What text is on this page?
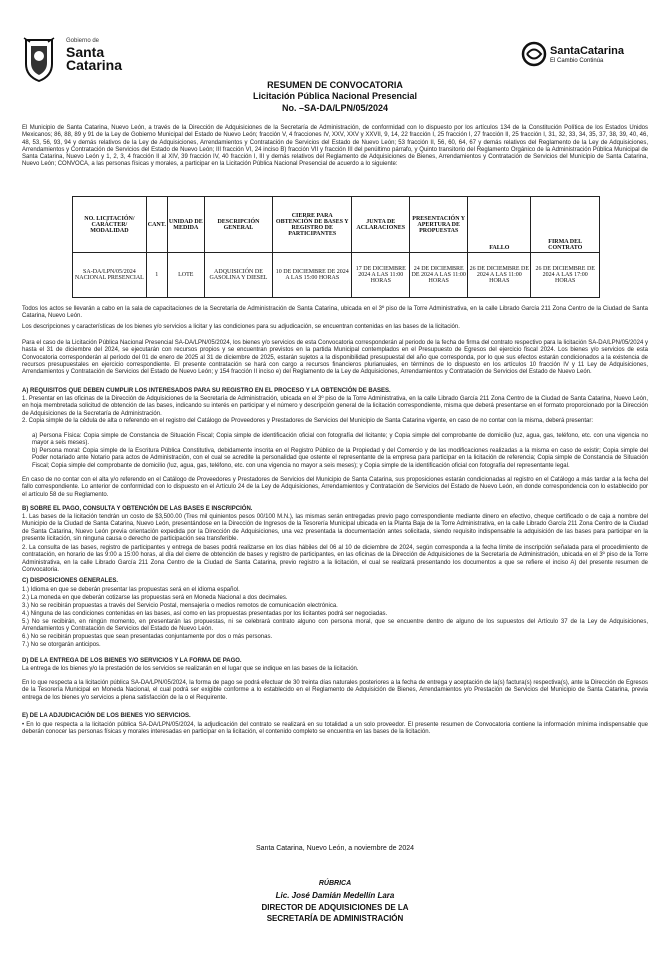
Gobierno de
Santa
Catarina
SantaCatarina
El Cambio Continúa
RESUMEN DE CONVOCATORIA
Licitación Pública Nacional Presencial
No. –SA-DA/LPN/05/2024
El Municipio de Santa Catarina, Nuevo León, a través de la Dirección de Adquisiciones de la Secretaría de Administración, de conformidad con lo dispuesto por los artículos 134 de la Constitución Política de los Estados Unidos Mexicanos; 86, 88, 89 y 91 de la Ley de Gobierno Municipal del Estado de Nuevo León; fracción V, 4 fracciones IV, XXV, XXV y XXVII, 9, 14, 22 fracción I, 25 fracción I, 27 fracción II, 25 fracción I, 31, 32, 33, 34, 35, 37, 38, 39, 40, 46, 48, 53, 56, 93, 94 y demás relativos de la Ley de Adquisiciones, Arrendamientos y Contratación de Servicios del Estado de Nuevo León; 53 fracción II, 56, 60, 64, 67 y demás relativos del Reglamento de la Ley de Adquisiciones, Arrendamientos y Contratación de Servicios del Estado de Nuevo León; III fracción VI, 24 inciso B) fracción VII y fracción III del penúltimo párrafo, y Quinto transitorio del Reglamento Orgánico de la Administración Pública Municipal de Santa Catarina, Nuevo León y 1, 2, 3, 4 fracción II al XIV, 39 fracción IV, 40 fracción I, III y demás relativos del Reglamento de Adquisiciones de Bienes, Arrendamientos y Contratación de Servicios del Municipio de Santa Catarina, Nuevo León; CONVOCA, a las personas físicas y morales, a participar en la Licitación Pública Nacional Presencial de acuerdo a lo siguiente:
NO. LICITACIÓN/ CARÁCTER/ MODALIDAD	CANT.	UNIDAD DE MEDIDA	DESCRIPCIÓN GENERAL	CIERRE PARA OBTENCIÓN DE BASES Y REGISTRO DE PARTICIPANTES	JUNTA DE ACLARACIONES	PRESENTACIÓN Y APERTURA DE PROPUESTAS	FALLO	FIRMA DEL CONTRATO
SA-DA/LPN/05/2024 NACIONAL PRESENCIAL	1	LOTE	ADQUISICIÓN DE GASOLINA Y DIESEL	10 DE DICIEMBRE DE 2024 A LAS 15:00 HORAS	17 DE DICIEMBRE 2024 A LAS 11:00 HORAS	24 DE DICIEMBRE DE 2024 A LAS 11:00 HORAS	26 DE DICIEMBRE DE 2024 A LAS 11:00 HORAS	26 DE DICIEMBRE DE 2024 A LAS 17:00 HORAS
Todos los actos se llevarán a cabo en la sala de capacitaciones de la Secretaría de Administración de Santa Catarina, ubicada en el 3º piso de la Torre Administrativa, en la calle Librado García 211 Zona Centro de la Ciudad de Santa Catarina, Nuevo León.
Los descripciones y características de los bienes y/o servicios a licitar y las condiciones para su adjudicación, se encuentran contenidas en las bases de la licitación.
Para el caso de la Licitación Pública Nacional Presencial SA-DA/LPN/05/2024, los bienes y/o servicios de esta Convocatoria corresponderán al periodo de la fecha de firma del contrato respectivo para la licitación SA-DA/LPN/05/2024 y hasta el 31 de diciembre del 2024, se ejecutarán con recursos propios y se encuentran previstos en la partida Municipal contemplados en el Presupuesto de Egresos del ejercicio fiscal 2024. Los bienes y/o servicios de esta Convocatoria corresponderán al período del 01 de enero de 2025 al 31 de diciembre de 2025, estarán sujetos a la disponibilidad presupuestal del año que corresponda, por lo que sus efectos estarán condicionados a la existencia de recursos presupuestales en ejercicio correspondiente. El presente contratación se hará con cargo a recursos financieros plurianuales, en términos de lo dispuesto en los artículos 10 fracción IV y 11 Ley de Adquisiciones, Arrendamientos y Contratación de Servicios del Estado de Nuevo León; y 154 fracción II inciso e) del Reglamento de la Ley de Adquisiciones, Arrendamientos y Contratación de Servicios del Estado de Nuevo León.
A) REQUISITOS QUE DEBEN CUMPLIR LOS INTERESADOS PARA SU REGISTRO EN EL PROCESO Y LA OBTENCIÓN DE BASES.
1. Presentar en las oficinas de la Dirección de Adquisiciones de la Secretaría de Administración, ubicada en el 3º piso de la Torre Administrativa, en la calle Librado García 211 Zona Centro de la Ciudad de Santa Catarina, Nuevo León, en hoja membretada solicitud de obtención de las bases, indicando su interés en participar y el número y descripción general de la licitación correspondiente, misma que deberá presentarse en el formato proporcionado por la Dirección de Adquisiciones de la Secretaría de Administración.
2. Copia simple de la cédula de alta o referendo en el registro del Catálogo de Proveedores y Prestadores de Servicios del Municipio de Santa Catarina vigente, en caso de no contar con la misma, deberá presentar:
a) Persona Física: Copia simple de Constancia de Situación Fiscal; Copia simple de identificación oficial con fotografía del licitante; y Copia simple del comprobante de domicilio (luz, agua, gas, teléfono, etc. con una vigencia no mayor a seis meses).
b) Persona moral: Copia simple de la Escritura Pública Constitutiva, debidamente inscrita en el Registro Público de la Propiedad y del Comercio y de las modificaciones realizadas a la misma en caso de existir; Copia simple del Poder notariado ante Notario para actos de Administración, con el cual se acredite la personalidad que ostente el representante de la empresa para participar en la licitación de referencia; Copia simple de Constancia de Situación Fiscal; Copia simple del comprobante de domicilio (luz, agua, gas, teléfono, etc. con una vigencia no mayor a seis meses); y Copia simple de la identificación oficial con fotografía del representante legal.
En caso de no contar con el alta y/o referendo en el Catálogo de Proveedores y Prestadores de Servicios del Municipio de Santa Catarina, sus proposiciones estarán condicionadas al registro en el Catálogo a más tardar a la fecha del fallo correspondiente. Lo anterior de conformidad con lo dispuesto en el Artículo 24 de la Ley de Adquisiciones, Arrendamientos y Contratación de Servicios del Estado de Nuevo León, en donde correspondencia con lo establecido por el artículo 58 de su Reglamento.
B) SOBRE EL PAGO, CONSULTA Y OBTENCIÓN DE LAS BASES E INSCRIPCIÓN.
1. Las bases de la licitación tendrán un costo de $3,500.00 (Tres mil quinientos pesos 00/100 M.N.), las mismas serán entregadas previo pago correspondiente mediante dinero en efectivo, cheque certificado o de caja a nombre del Municipio de la Ciudad de Santa Catarina, Nuevo León, presentándose en la Dirección de Ingresos de la Tesorería Municipal ubicada en la Planta Baja de la Torre Administrativa, en la calle Librado García 211 Zona Centro de la Ciudad de Santa Catarina, Nuevo León previa orientación expedida por la Dirección de Adquisiciones, una vez presentada la documentación antes solicitada, siendo requisito indispensable la adquisición de las bases para participar en la presente licitación, sin ninguna causa o derecho de participación sea transferible.
2. La consulta de las bases, registro de participantes y entrega de bases podrá realizarse en los días hábiles del 06 al 10 de diciembre de 2024, según corresponda a la fecha límite de inscripción señalada para el procedimiento de contratación, en horario de las 9:00 a 15:00 horas, al día del cierre de obtención de bases y registro de participantes, en las oficinas de la Dirección de Adquisiciones de la Secretaría de Administración, ubicada en el 3º piso de la Torre Administrativa, en la calle Librado García 211 Zona Centro de la Ciudad de Santa Catarina, previo registro a la licitación, el cual se realizará presentando los documentos a que se refiere el inciso A) del presente resumen de Convocatoria.
C) DISPOSICIONES GENERALES.
1.) Idioma en que se deberán presentar las propuestas será en el idioma español.
2.) La moneda en que deberán cotizarse las propuestas será en Moneda Nacional a dos decimales.
3.) No se recibirán propuestas a través del Servicio Postal, mensajería o medios remotos de comunicación electrónica.
4.) Ninguna de las condiciones contenidas en las bases, así como en las propuestas presentadas por los licitantes podrá ser negociadas.
5.) No se recibirán, en ningún momento, en presentarán las propuestas, ni se celebrará contrato alguno con persona moral, que se encuentre dentro de alguno de los supuestos del Artículo 37 de la Ley de Adquisiciones, Arrendamientos y Contratación de Servicios del Estado de Nuevo León.
6.) No se recibirán propuestas que sean presentadas conjuntamente por dos o más personas.
7.) No se otorgarán anticipos.
D) DE LA ENTREGA DE LOS BIENES Y/O SERVICIOS Y LA FORMA DE PAGO.
La entrega de los bienes y/o la prestación de los servicios se realizarán en el lugar que se indique en las bases de la licitación.
En lo que respecta a la licitación pública SA-DA/LPN/05/2024, la forma de pago se podrá efectuar de 30 treinta días naturales posteriores a la fecha de entrega y aceptación de la(s) factura(s) respectiva(s), ante la Dirección de Egresos de la Tesorería Municipal en Moneda Nacional, el cual podrá ser exigible conforme a lo establecido en el Reglamento de Adquisición de Bienes, Arrendamientos y/o Prestación de Servicios del Municipio de Santa Catarina, previa entrega de los bienes y/o servicios a plena satisfacción de la o el Requirente.
E) DE LA ADJUDICACIÓN DE LOS BIENES Y/O SERVICIOS.
• En lo que respecta a la licitación pública SA-DA/LPN/05/2024, la adjudicación del contrato se realizará en su totalidad a un solo proveedor. El presente resumen de Convocatoria contiene la información mínima indispensable que deberán conocer las personas físicas y morales interesadas en participar en la licitación, el contenido completo se encuentra en las bases de la licitación.
Santa Catarina, Nuevo León, a noviembre de 2024
RÚBRICA
Lic. José Damián Medellín Lara
DIRECTOR DE ADQUISICIONES DE LA
SECRETARÍA DE ADMINISTRACIÓN
